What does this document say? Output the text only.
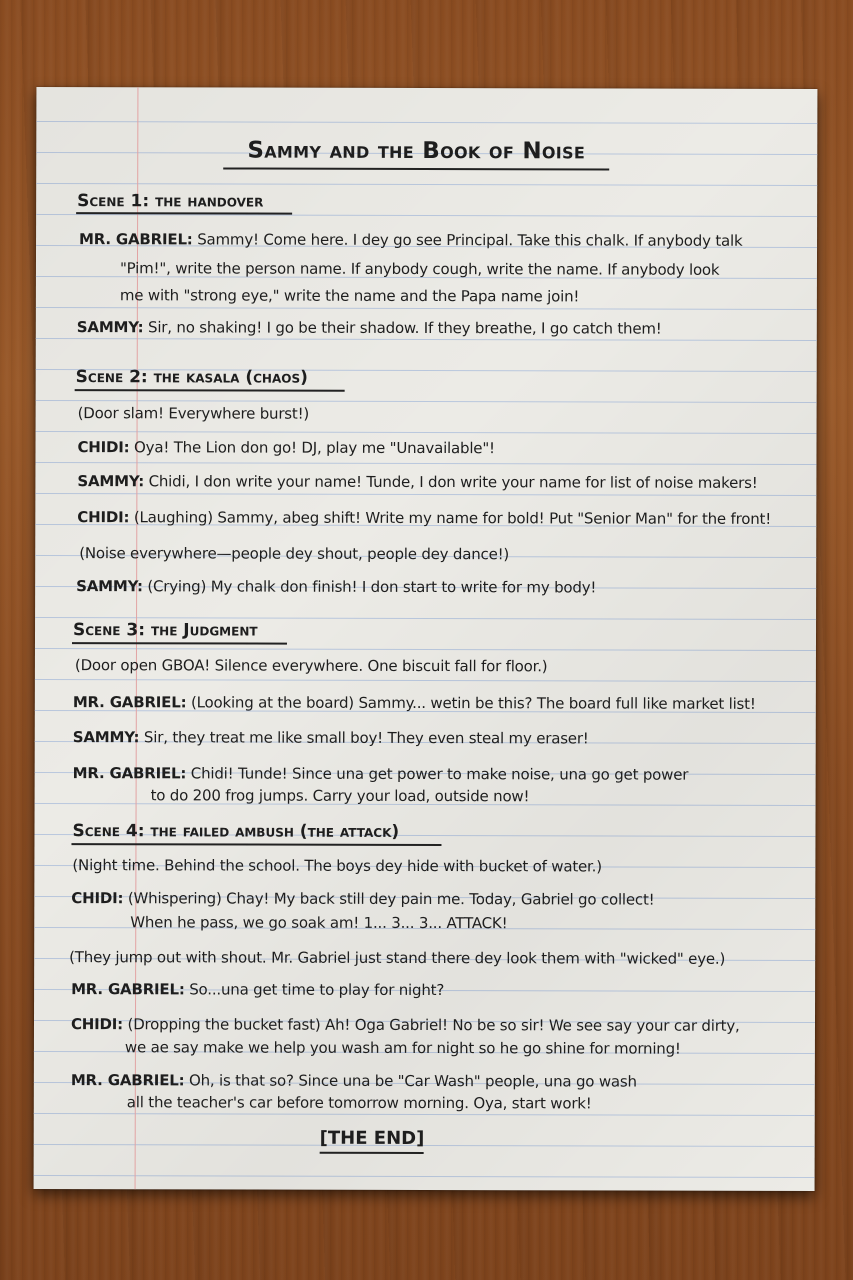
Sammy and the Book of Noise
Scene 1: the handover
MR. GABRIEL: Sammy! Come here. I dey go see Principal. Take this chalk. If anybody talk
"Pim!", write the person name. If anybody cough, write the name. If anybody look
me with "strong eye," write the name and the Papa name join!
SAMMY: Sir, no shaking! I go be their shadow. If they breathe, I go catch them!
Scene 2: the kasala (chaos)
(Door slam! Everywhere burst!)
CHIDI: Oya! The Lion don go! DJ, play me "Unavailable"!
SAMMY: Chidi, I don write your name! Tunde, I don write your name for list of noise makers!
CHIDI: (Laughing) Sammy, abeg shift! Write my name for bold! Put "Senior Man" for the front!
(Noise everywhere—people dey shout, people dey dance!)
SAMMY: (Crying) My chalk don finish! I don start to write for my body!
Scene 3: the Judgment
(Door open GBOA! Silence everywhere. One biscuit fall for floor.)
MR. GABRIEL: (Looking at the board) Sammy... wetin be this? The board full like market list!
SAMMY: Sir, they treat me like small boy! They even steal my eraser!
MR. GABRIEL: Chidi! Tunde! Since una get power to make noise, una go get power
to do 200 frog jumps. Carry your load, outside now!
Scene 4: the failed ambush (the attack)
(Night time. Behind the school. The boys dey hide with bucket of water.)
CHIDI: (Whispering) Chay! My back still dey pain me. Today, Gabriel go collect!
When he pass, we go soak am! 1... 3... 3... ATTACK!
(They jump out with shout. Mr. Gabriel just stand there dey look them with "wicked" eye.)
MR. GABRIEL: So...una get time to play for night?
CHIDI: (Dropping the bucket fast) Ah! Oga Gabriel! No be so sir! We see say your car dirty,
we ae say make we help you wash am for night so he go shine for morning!
MR. GABRIEL: Oh, is that so? Since una be "Car Wash" people, una go wash
all the teacher's car before tomorrow morning. Oya, start work!
[THE END]
